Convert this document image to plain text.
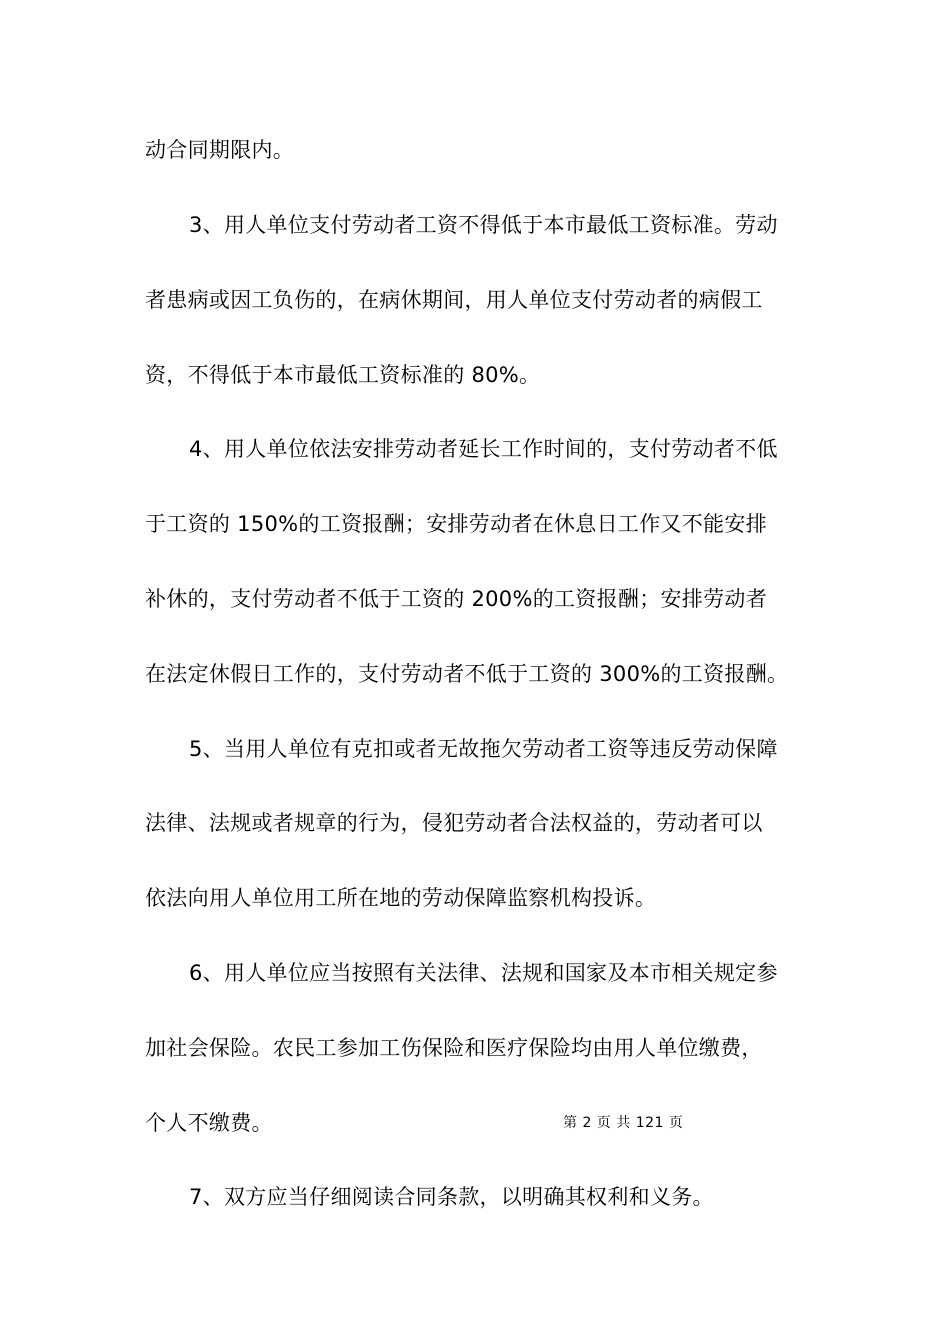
动合同期限内。
3、用人单位支付劳动者工资不得低于本市最低工资标准。劳动
者患病或因工负伤的，在病休期间，用人单位支付劳动者的病假工
资，不得低于本市最低工资标准的 80%。
4、用人单位依法安排劳动者延长工作时间的，支付劳动者不低
于工资的 150%的工资报酬；安排劳动者在休息日工作又不能安排
补休的，支付劳动者不低于工资的 200%的工资报酬；安排劳动者
在法定休假日工作的，支付劳动者不低于工资的 300%的工资报酬。
5、当用人单位有克扣或者无故拖欠劳动者工资等违反劳动保障
法律、法规或者规章的行为，侵犯劳动者合法权益的，劳动者可以
依法向用人单位用工所在地的劳动保障监察机构投诉。
6、用人单位应当按照有关法律、法规和国家及本市相关规定参
加社会保险。农民工参加工伤保险和医疗保险均由用人单位缴费，
个人不缴费。	第 2 页 共 121 页
7、双方应当仔细阅读合同条款，以明确其权利和义务。
